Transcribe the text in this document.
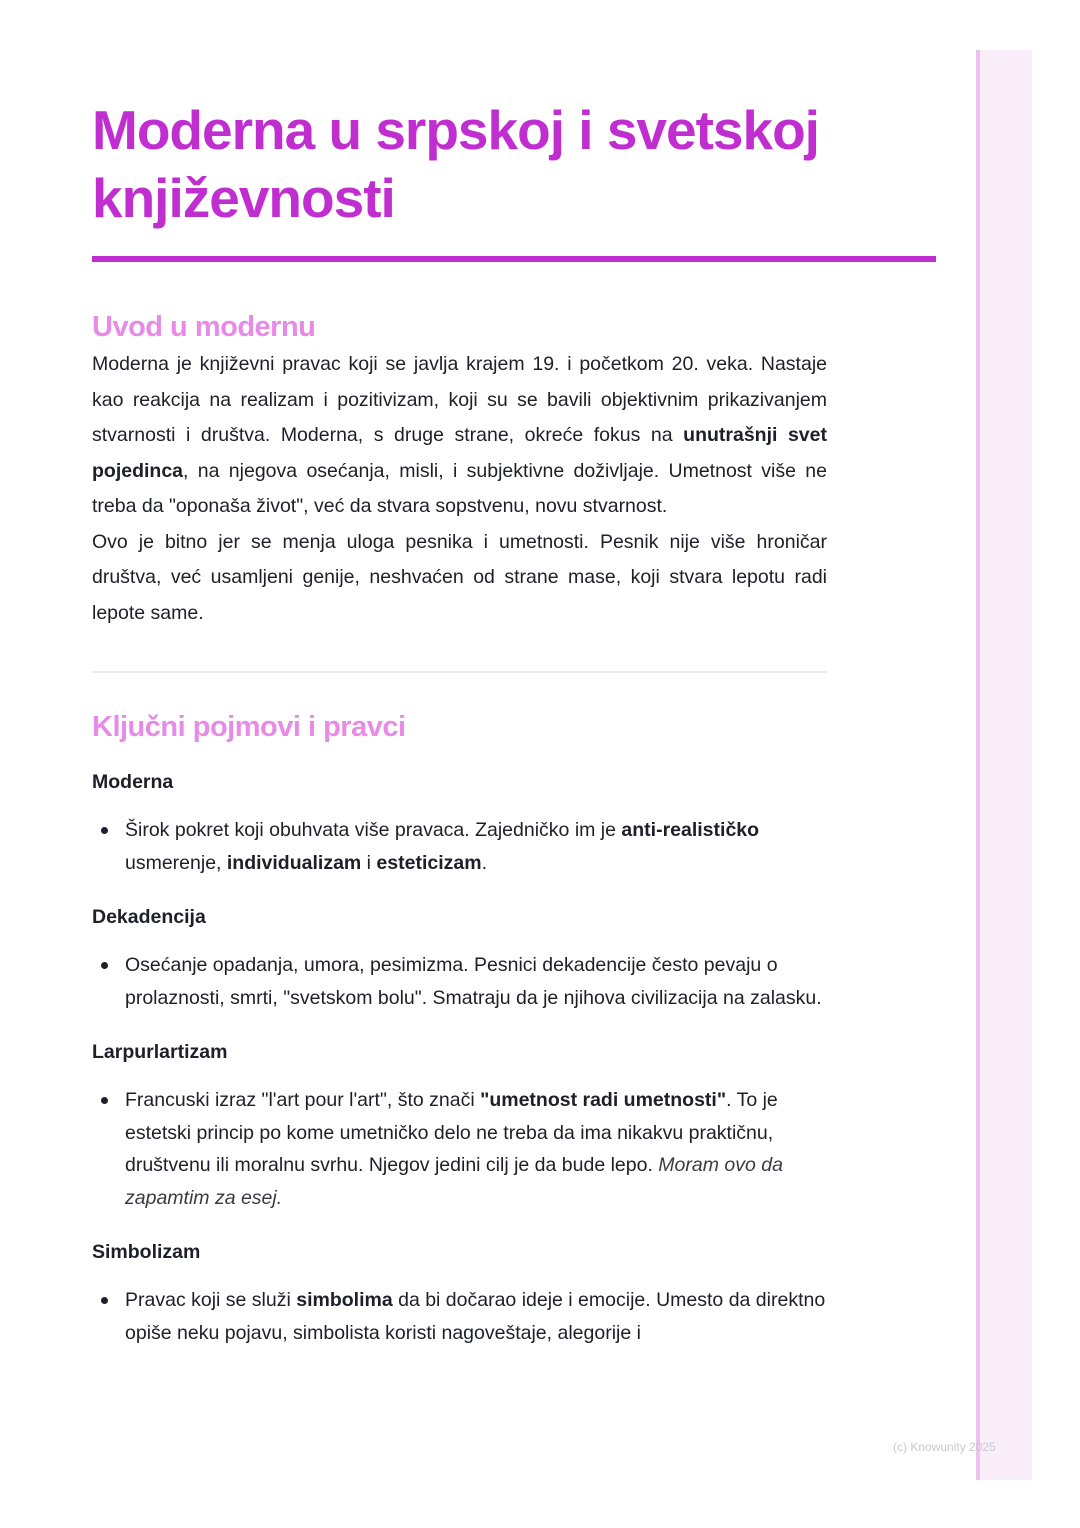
Moderna u srpskoj i svetskoj književnosti
Uvod u modernu

Moderna je književni pravac koji se javlja krajem 19. i početkom 20. veka. Nastaje kao reakcija na realizam i pozitivizam, koji su se bavili objektivnim prikazivanjem stvarnosti i društva. Moderna, s druge strane, okreće fokus na unutrašnji svet pojedinca, na njegova osećanja, misli, i subjektivne doživljaje. Umetnost više ne treba da "oponaša život", već da stvara sopstvenu, novu stvarnost.

Ovo je bitno jer se menja uloga pesnika i umetnosti. Pesnik nije više hroničar društva, već usamljeni genije, neshvaćen od strane mase, koji stvara lepotu radi lepote same.

Ključni pojmovi i pravci

Moderna

Širok pokret koji obuhvata više pravaca. Zajedničko im je anti-realističko usmerenje, individualizam i esteticizam.

Dekadencija

Osećanje opadanja, umora, pesimizma. Pesnici dekadencije često pevaju o prolaznosti, smrti, "svetskom bolu". Smatraju da je njihova civilizacija na zalasku.

Larpurlartizam

Francuski izraz "l'art pour l'art", što znači "umetnost radi umetnosti". To je estetski princip po kome umetničko delo ne treba da ima nikakvu praktičnu, društvenu ili moralnu svrhu. Njegov jedini cilj je da bude lepo. Moram ovo da zapamtim za esej.

Simbolizam

Pravac koji se služi simbolima da bi dočarao ideje i emocije. Umesto da direktno opiše neku pojavu, simbolista koristi nagoveštaje, alegorije i
(c) Knowunity 2025
